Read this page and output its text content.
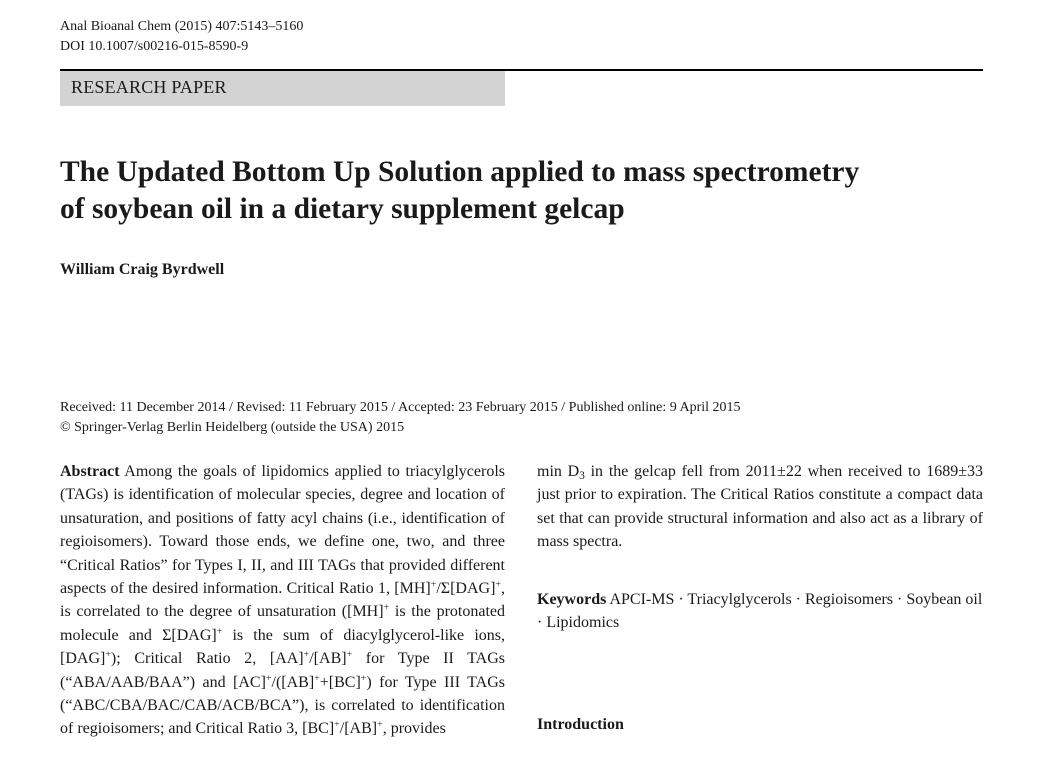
Anal Bioanal Chem (2015) 407:5143–5160
DOI 10.1007/s00216-015-8590-9
RESEARCH PAPER
The Updated Bottom Up Solution applied to mass spectrometry
of soybean oil in a dietary supplement gelcap
William Craig Byrdwell
Received: 11 December 2014 / Revised: 11 February 2015 / Accepted: 23 February 2015 / Published online: 9 April 2015
© Springer-Verlag Berlin Heidelberg (outside the USA) 2015

Abstract Among the goals of lipidomics applied to triacylglycerols (TAGs) is identification of molecular species, degree and location of unsaturation, and positions of fatty acyl chains (i.e., identification of regioisomers). Toward those ends, we define one, two, and three “Critical Ratios” for Types I, II, and III TAGs that provided different aspects of the desired information. Critical Ratio 1, [MH]+/Σ[DAG]+, is correlated to the degree of unsaturation ([MH]+ is the protonated molecule and Σ[DAG]+ is the sum of diacylglycerol-like ions, [DAG]+); Critical Ratio 2, [AA]+/[AB]+ for Type II TAGs (“ABA/AAB/BAA”) and [AC]+/([AB]++[BC]+) for Type III TAGs (“ABC/CBA/BAC/CAB/ACB/BCA”), is correlated to identification of regioisomers; and Critical Ratio 3, [BC]+/[AB]+, provides

$\min D_3$ in the gelcap fell from 2011±22 when received to 1689±33 just prior to expiration. The Critical Ratios constitute a compact data set that can provide structural information and also act as a library of mass spectra.

Keywords APCI-MS · Triacylglycerols · Regioisomers · Soybean oil · Lipidomics
Introduction
